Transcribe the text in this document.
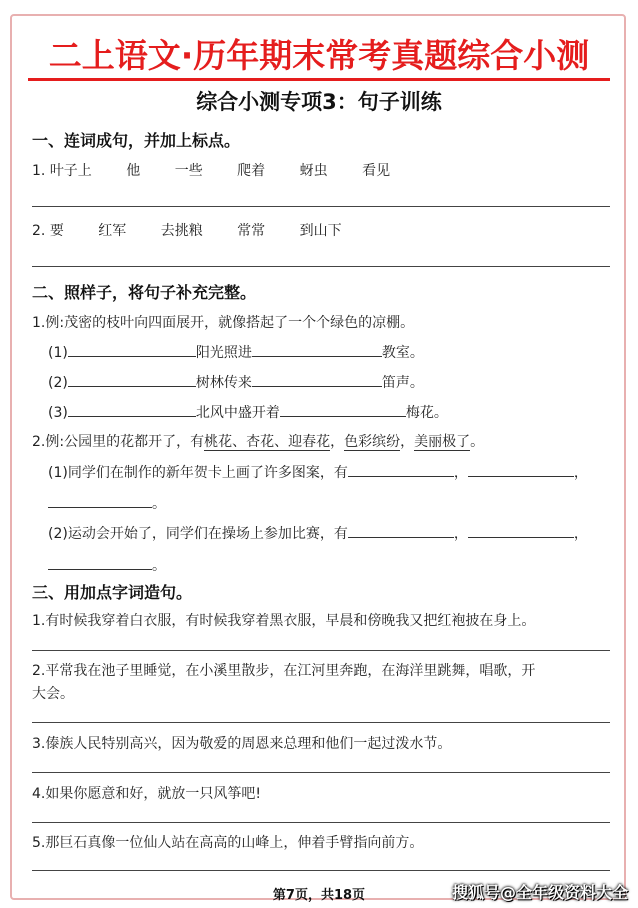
二上语文·历年期末常考真题综合小测
综合小测专项3：句子训练
一、连词成句，并加上标点。
1. 叶子上 他 一些 爬着 蚜虫 看见
2. 要 红军 去挑粮 常常 到山下
二、照样子，将句子补充完整。
1.例:茂密的枝叶向四面展开，就像搭起了一个个绿色的凉棚。
(1)	阳光照进	教室。
(2)	树林传来	笛声。
(3)	北风中盛开着	梅花。
2.例:公园里的花都开了，有桃花、杏花、迎春花，色彩缤纷，美丽极了。
(1)同学们在制作的新年贺卡上画了许多图案，有	，	，
。
(2)运动会开始了，同学们在操场上参加比赛，有	，	，
。
三、用加点字词造句。
1.有时候我穿着白衣服，有时候我穿着黑衣服，早晨和傍晚我又把红袍披在身上。
2.平常我在池子里睡觉，在小溪里散步，在江河里奔跑，在海洋里跳舞，唱歌，开
大会。
3.傣族人民特别高兴，因为敬爱的周恩来总理和他们一起过泼水节。
4.如果你愿意和好，就放一只风筝吧!
5.那巨石真像一位仙人站在高高的山峰上，伸着手臂指向前方。
第7页，共18页	搜狐号@全年级资料大全
